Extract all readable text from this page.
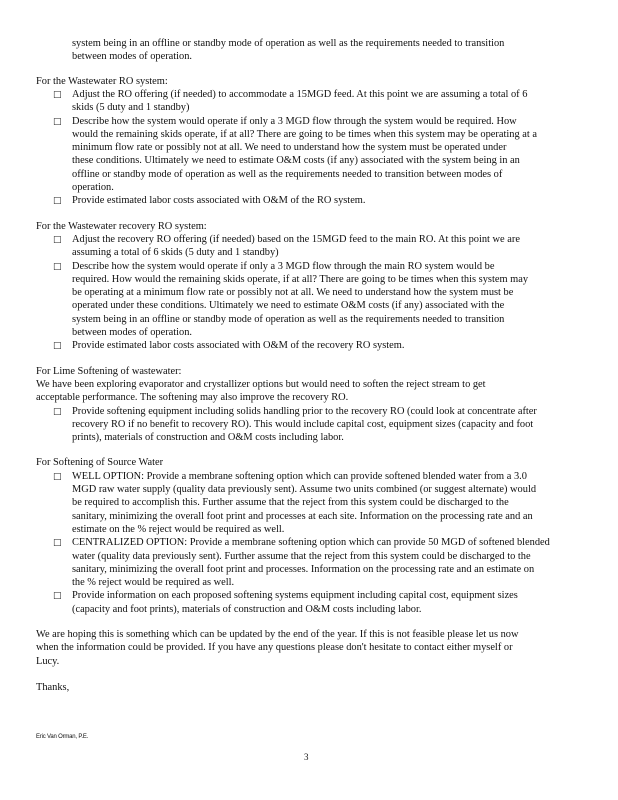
system being in an offline or standby mode of operation as well as the requirements needed to transition
between modes of operation.
For the Wastewater RO system:
□ Adjust the RO offering (if needed) to accommodate a 15MGD feed. At this point we are assuming a total of 6
skids (5 duty and 1 standby)
□ Describe how the system would operate if only a 3 MGD flow through the system would be required. How
would the remaining skids operate, if at all? There are going to be times when this system may be operating at a
minimum flow rate or possibly not at all. We need to understand how the system must be operated under
these conditions. Ultimately we need to estimate O&M costs (if any) associated with the system being in an
offline or standby mode of operation as well as the requirements needed to transition between modes of
operation.
□ Provide estimated labor costs associated with O&M of the RO system.
For the Wastewater recovery RO system:
□ Adjust the recovery RO offering (if needed) based on the 15MGD feed to the main RO. At this point we are
assuming a total of 6 skids (5 duty and 1 standby)
□ Describe how the system would operate if only a 3 MGD flow through the main RO system would be
required. How would the remaining skids operate, if at all? There are going to be times when this system may
be operating at a minimum flow rate or possibly not at all. We need to understand how the system must be
operated under these conditions. Ultimately we need to estimate O&M costs (if any) associated with the
system being in an offline or standby mode of operation as well as the requirements needed to transition
between modes of operation.
□ Provide estimated labor costs associated with O&M of the recovery RO system.
For Lime Softening of wastewater:
We have been exploring evaporator and crystallizer options but would need to soften the reject stream to get
acceptable performance. The softening may also improve the recovery RO.
□ Provide softening equipment including solids handling prior to the recovery RO (could look at concentrate after
recovery RO if no benefit to recovery RO). This would include capital cost, equipment sizes (capacity and foot
prints), materials of construction and O&M costs including labor.
For Softening of Source Water
□ WELL OPTION: Provide a membrane softening option which can provide softened blended water from a 3.0
MGD raw water supply (quality data previously sent). Assume two units combined (or suggest alternate) would
be required to accomplish this. Further assume that the reject from this system could be discharged to the
sanitary, minimizing the overall foot print and processes at each site. Information on the processing rate and an
estimate on the % reject would be required as well.
□ CENTRALIZED OPTION: Provide a membrane softening option which can provide 50 MGD of softened blended
water (quality data previously sent). Further assume that the reject from this system could be discharged to the
sanitary, minimizing the overall foot print and processes. Information on the processing rate and an estimate on
the % reject would be required as well.
□ Provide information on each proposed softening systems equipment including capital cost, equipment sizes
(capacity and foot prints), materials of construction and O&M costs including labor.
We are hoping this is something which can be updated by the end of the year. If this is not feasible please let us now
when the information could be provided. If you have any questions please don't hesitate to contact either myself or
Lucy.
Thanks,
Eric Van Orman, P.E.
3
